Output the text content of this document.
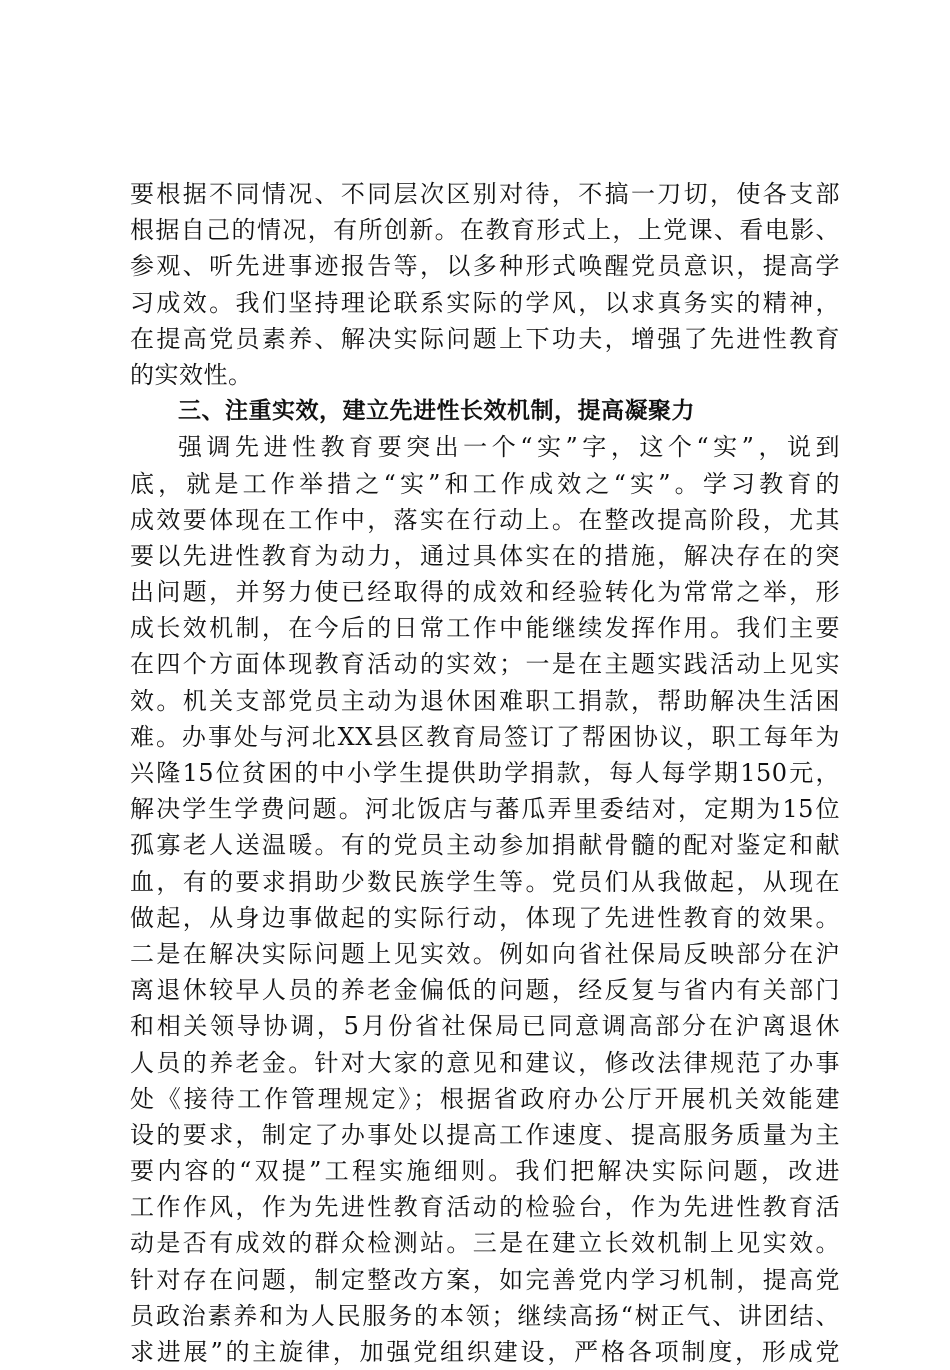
要根据不同情况、不同层次区别对待，不搞一刀切，使各支部
根据自己的情况，有所创新。在教育形式上，上党课、看电影、
参观、听先进事迹报告等，以多种形式唤醒党员意识，提高学
习成效。我们坚持理论联系实际的学风，以求真务实的精神，
在提高党员素养、解决实际问题上下功夫，增强了先进性教育
的实效性。
三、注重实效，建立先进性长效机制，提高凝聚力
强调先进性教育要突出一个“实”字，这个“实”，说到
底，就是工作举措之“实”和工作成效之“实”。学习教育的
成效要体现在工作中，落实在行动上。在整改提高阶段，尤其
要以先进性教育为动力，通过具体实在的措施，解决存在的突
出问题，并努力使已经取得的成效和经验转化为常常之举，形
成长效机制，在今后的日常工作中能继续发挥作用。我们主要
在四个方面体现教育活动的实效；一是在主题实践活动上见实
效。机关支部党员主动为退休困难职工捐款，帮助解决生活困
难。办事处与河北XX县区教育局签订了帮困协议，职工每年为
兴隆15位贫困的中小学生提供助学捐款，每人每学期150元，
解决学生学费问题。河北饭店与蕃瓜弄里委结对，定期为15位
孤寡老人送温暖。有的党员主动参加捐献骨髓的配对鉴定和献
血，有的要求捐助少数民族学生等。党员们从我做起，从现在
做起，从身边事做起的实际行动，体现了先进性教育的效果。
二是在解决实际问题上见实效。例如向省社保局反映部分在沪
离退休较早人员的养老金偏低的问题，经反复与省内有关部门
和相关领导协调，5月份省社保局已同意调高部分在沪离退休
人员的养老金。针对大家的意见和建议，修改法律规范了办事
处《接待工作管理规定》；根据省政府办公厅开展机关效能建
设的要求，制定了办事处以提高工作速度、提高服务质量为主
要内容的“双提”工程实施细则。我们把解决实际问题，改进
工作作风，作为先进性教育活动的检验台，作为先进性教育活
动是否有成效的群众检测站。三是在建立长效机制上见实效。
针对存在问题，制定整改方案，如完善党内学习机制，提高党
员政治素养和为人民服务的本领；继续高扬“树正气、讲团结、
求进展”的主旋律，加强党组织建设，严格各项制度，形成党
